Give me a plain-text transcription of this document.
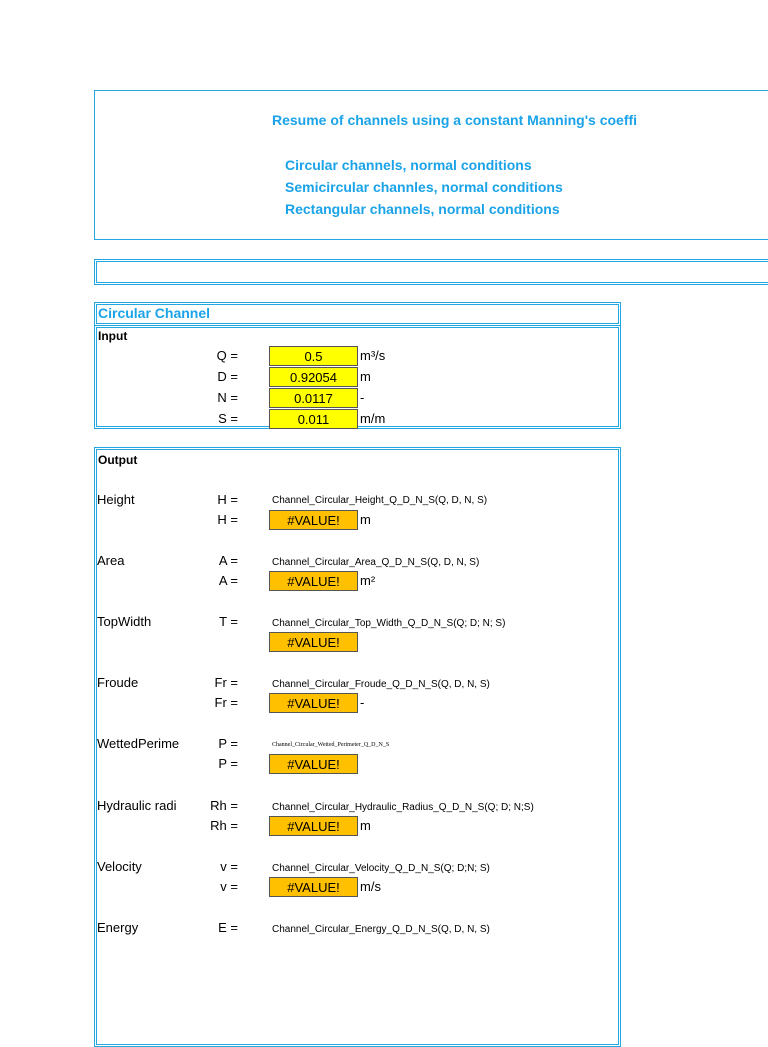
Resume of channels using a constant Manning's coeffi
Circular channels, normal conditions
Semicircular channles, normal conditions
Rectangular channels, normal conditions
Circular Channel
Input
Q =	0.5	m³/s
D =	0.92054	m
N =	0.0117	-
S =	0.011	m/m
Output
Height	H =	Channel_Circular_Height_Q_D_N_S(Q, D, N, S)
H =	#VALUE!	m
Area	A =	Channel_Circular_Area_Q_D_N_S(Q, D, N, S)
A =	#VALUE!	m²
TopWidth	T =	Channel_Circular_Top_Width_Q_D_N_S(Q; D; N; S)
#VALUE!
Froude	Fr =	Channel_Circular_Froude_Q_D_N_S(Q, D, N, S)
Fr =	#VALUE!	-
WettedPerime	P =	Channel_Circular_Wetted_Perimeter_Q_D_N_S
P =	#VALUE!
Hydraulic radi	Rh =	Channel_Circular_Hydraulic_Radius_Q_D_N_S(Q; D; N;S)
Rh =	#VALUE!	m
Velocity	v =	Channel_Circular_Velocity_Q_D_N_S(Q; D;N; S)
v =	#VALUE!	m/s
Energy	E =	Channel_Circular_Energy_Q_D_N_S(Q, D, N, S)
